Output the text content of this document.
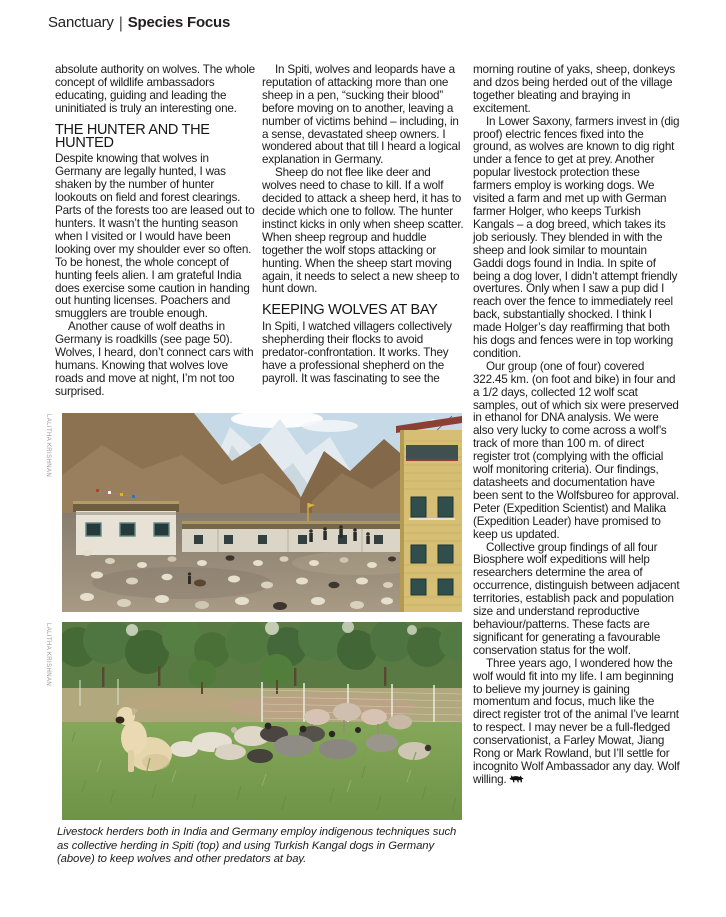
Sanctuary | Species Focus

absolute authority on wolves. The whole concept of wildlife ambassadors educating, guiding and leading the uninitiated is truly an interesting one.

THE HUNTER AND THE HUNTED

Despite knowing that wolves in Germany are legally hunted, I was shaken by the number of hunter lookouts on field and forest clearings. Parts of the forests too are leased out to hunters. It wasn’t the hunting season when I visited or I would have been looking over my shoulder ever so often. To be honest, the whole concept of hunting feels alien. I am grateful India does exercise some caution in handing out hunting licenses. Poachers and smugglers are trouble enough.

Another cause of wolf deaths in Germany is roadkills (see page 50). Wolves, I heard, don’t connect cars with humans. Knowing that wolves love roads and move at night, I’m not too surprised.

In Spiti, wolves and leopards have a reputation of attacking more than one sheep in a pen, “sucking their blood” before moving on to another, leaving a number of victims behind – including, in a sense, devastated sheep owners. I wondered about that till I heard a logical explanation in Germany.

Sheep do not flee like deer and wolves need to chase to kill. If a wolf decided to attack a sheep herd, it has to decide which one to follow. The hunter instinct kicks in only when sheep scatter. When sheep regroup and huddle together the wolf stops attacking or hunting. When the sheep start moving again, it needs to select a new sheep to hunt down.

KEEPING WOLVES AT BAY

In Spiti, I watched villagers collectively shepherding their flocks to avoid predator-confrontation. It works. They have a professional shepherd on the payroll. It was fascinating to see the

morning routine of yaks, sheep, donkeys and dzos being herded out of the village together bleating and braying in excitement.

In Lower Saxony, farmers invest in (dig proof) electric fences fixed into the ground, as wolves are known to dig right under a fence to get at prey. Another popular livestock protection these farmers employ is working dogs. We visited a farm and met up with German farmer Holger, who keeps Turkish Kangals – a dog breed, which takes its job seriously. They blended in with the sheep and look similar to mountain Gaddi dogs found in India. In spite of being a dog lover, I didn’t attempt friendly overtures. Only when I saw a pup did I reach over the fence to immediately reel back, substantially shocked. I think I made Holger’s day reaffirming that both his dogs and fences were in top working condition.

Our group (one of four) covered 322.45 km. (on foot and bike) in four and a 1/2 days, collected 12 wolf scat samples, out of which six were preserved in ethanol for DNA analysis. We were also very lucky to come across a wolf’s track of more than 100 m. of direct register trot (complying with the official wolf monitoring criteria). Our findings, datasheets and documentation have been sent to the Wolfsbureo for approval. Peter (Expedition Scientist) and Malika (Expedition Leader) have promised to keep us updated.

Collective group findings of all four Biosphere wolf expeditions will help researchers determine the area of occurrence, distinguish between adjacent territories, establish pack and population size and understand reproductive behaviour/patterns. These facts are significant for generating a favourable conservation status for the wolf.

Three years ago, I wondered how the wolf would fit into my life. I am beginning to believe my journey is gaining momentum and focus, much like the direct register trot of the animal I’ve learnt to respect. I may never be a full-fledged conservationist, a Farley Mowat, Jiang Rong or Mark Rowland, but I’ll settle for incognito Wolf Ambassador any day. Wolf willing.

LALITHA KRISHNAN
LALITHA KRISHNAN

Livestock herders both in India and Germany employ indigenous techniques such as collective herding in Spiti (top) and using Turkish Kangal dogs in Germany (above) to keep wolves and other predators at bay.
